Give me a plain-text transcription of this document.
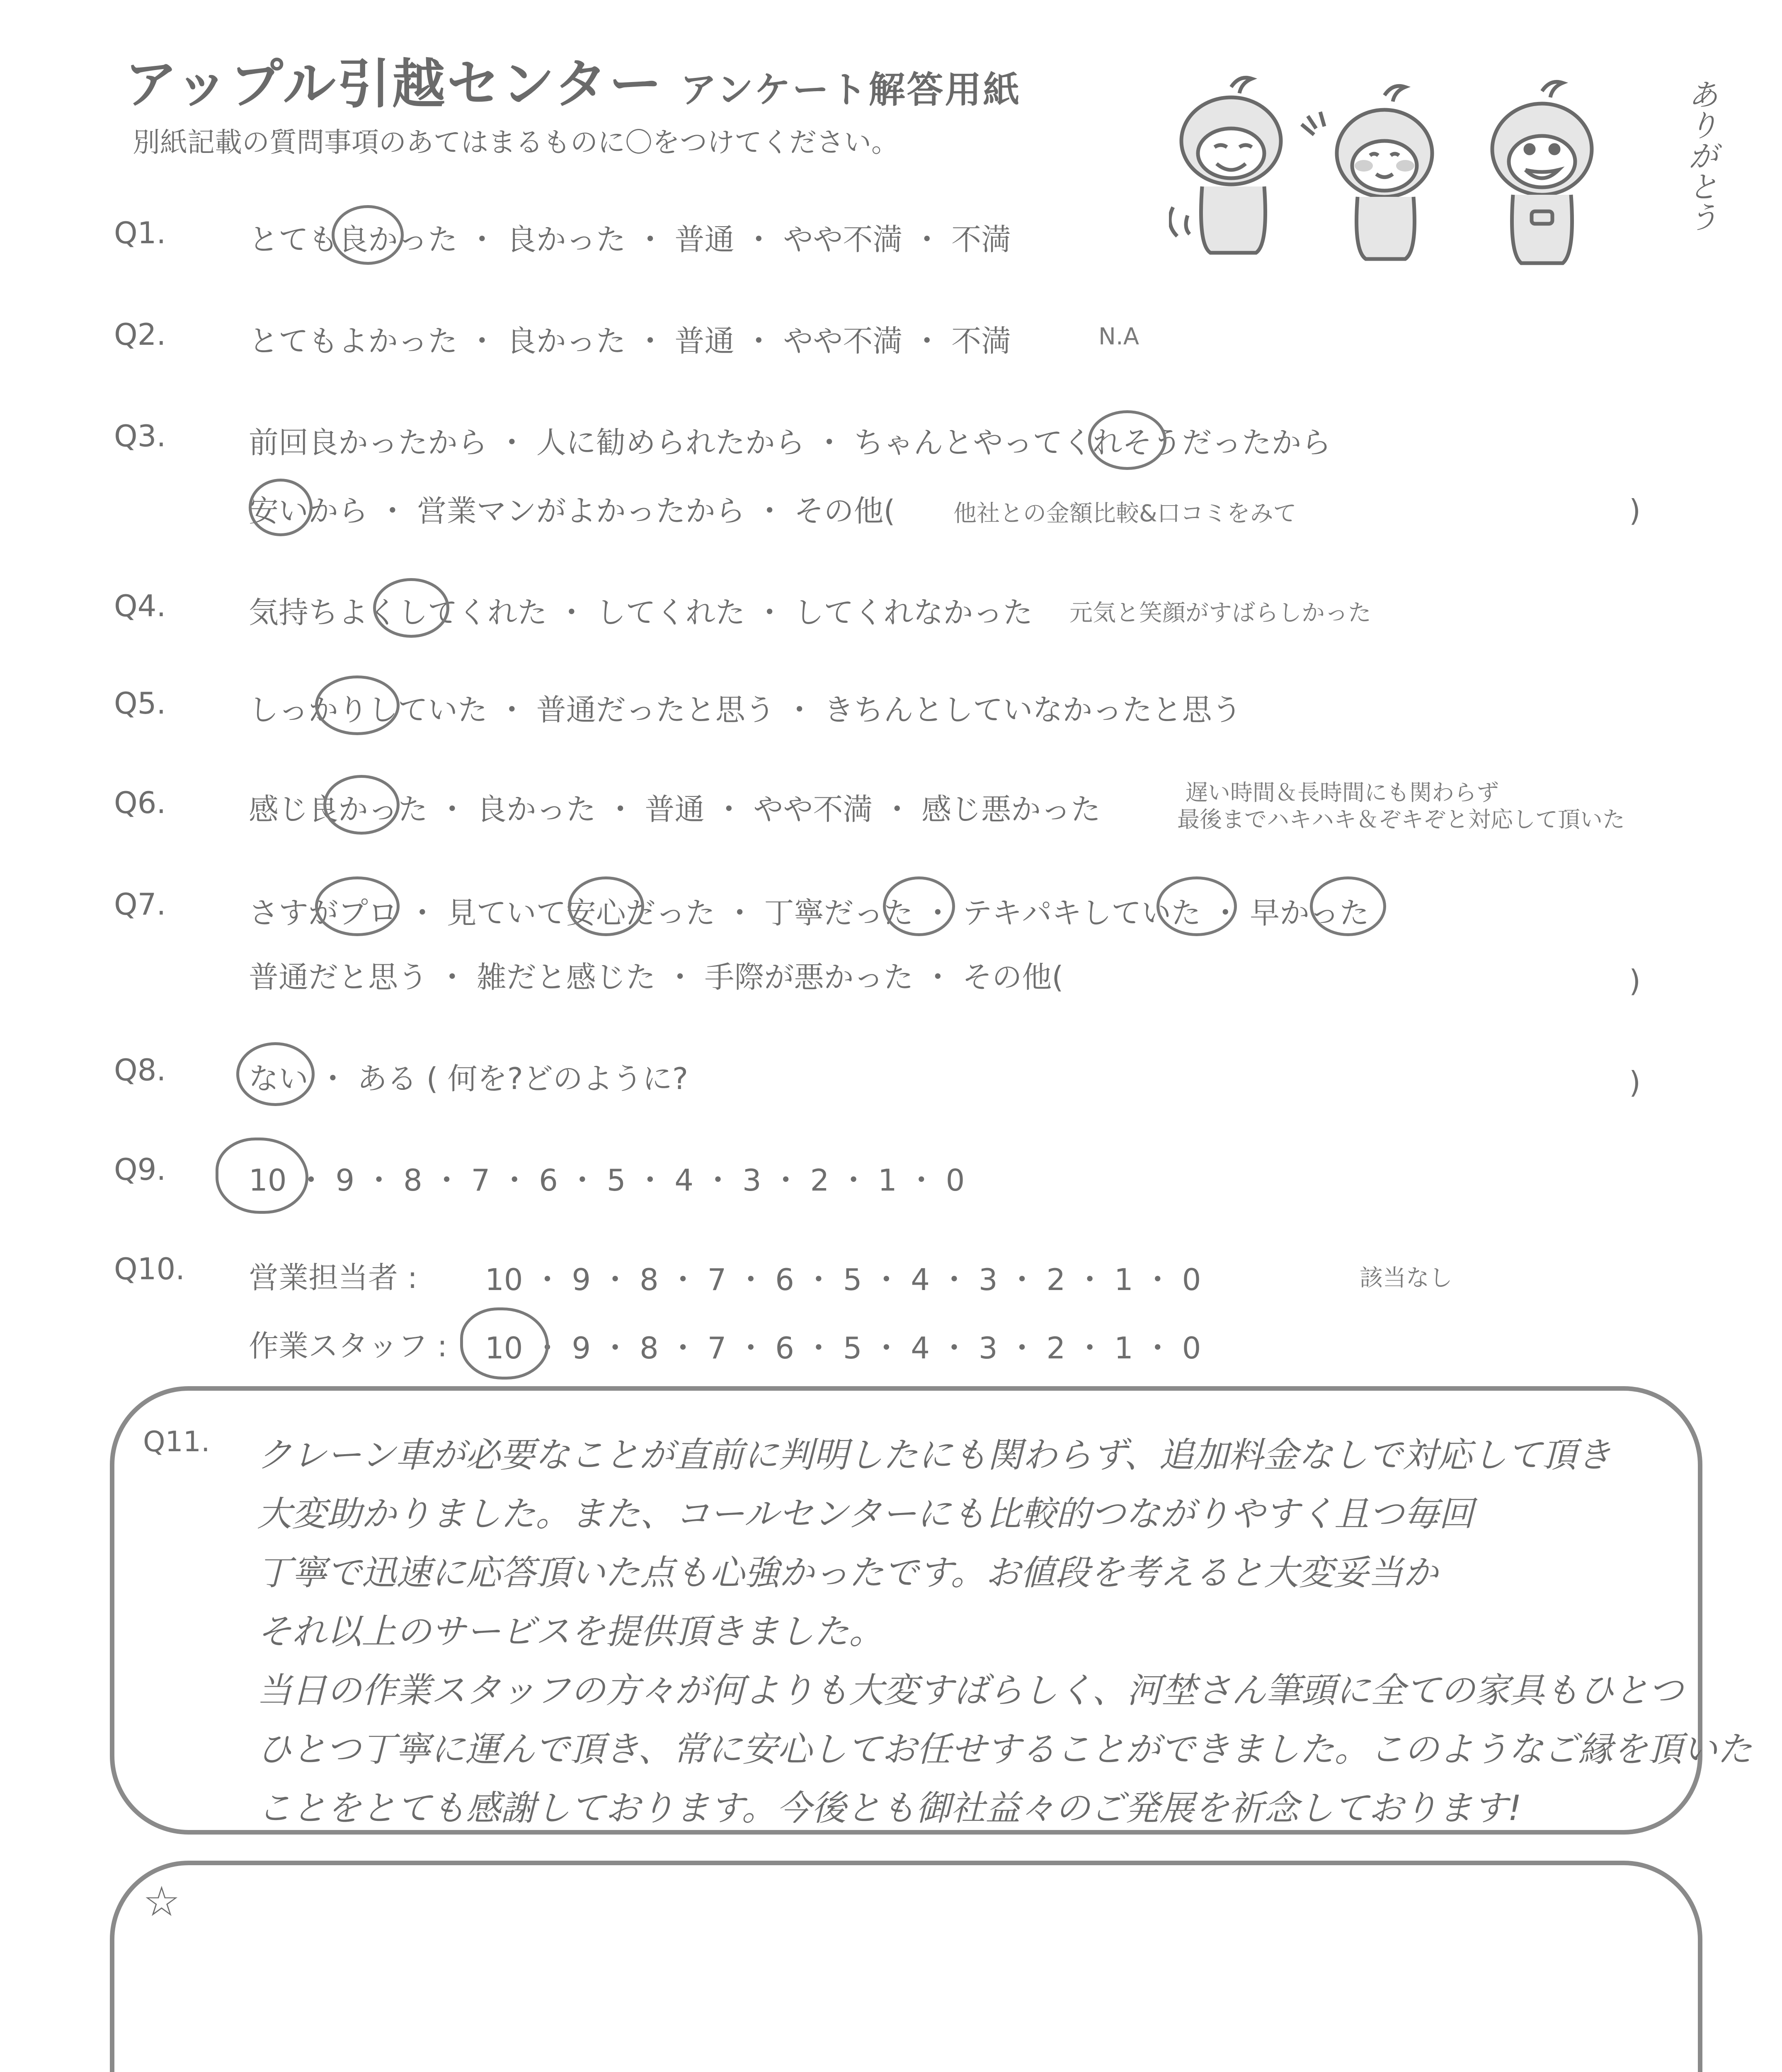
アップル引越センター アンケート解答用紙
別紙記載の質問事項のあてはまるものに〇をつけてください。	ありがとう
Q1.	とても良かった ・ 良かった ・ 普通 ・ やや不満 ・ 不満
Q2.	とてもよかった ・ 良かった ・ 普通 ・ やや不満 ・ 不満	N.A
Q3.	前回良かったから ・ 人に勧められたから ・ ちゃんとやってくれそうだったから
安いから ・ 営業マンがよかったから ・ その他(	他社との金額比較&口コミをみて	)
Q4.	気持ちよくしてくれた ・ してくれた ・ してくれなかった 元気と笑顔がすばらしかった
Q5.	しっかりしていた ・ 普通だったと思う ・ きちんとしていなかったと思う
Q6.	感じ良かった ・ 良かった ・ 普通 ・ やや不満 ・ 感じ悪かった	遅い時間＆長時間にも関わらず
最後までハキハキ＆ぞキぞと対応して頂いた
Q7.	さすがプロ ・ 見ていて安心だった ・ 丁寧だった ・ テキパキしていた ・ 早かった
普通だと思う ・ 雑だと感じた ・ 手際が悪かった ・ その他(	)
Q8.	ない ・ ある ( 何を?どのように?	)
Q9.	10 ・ 9 ・ 8 ・ 7 ・ 6 ・ 5 ・ 4 ・ 3 ・ 2 ・ 1 ・ 0
Q10. 営業担当者 : 10 ・ 9 ・ 8 ・ 7 ・ 6 ・ 5 ・ 4 ・ 3 ・ 2 ・ 1 ・ 0	該当なし
作業スタッフ : 10 ・ 9 ・ 8 ・ 7 ・ 6 ・ 5 ・ 4 ・ 3 ・ 2 ・ 1 ・ 0
Q11. クレーン車が必要なことが直前に判明したにも関わらず、追加料金なしで対応して頂き
大変助かりました。また、コールセンターにも比較的つながりやすく且つ毎回
丁寧で迅速に応答頂いた点も心強かったです。お値段を考えると大変妥当か
それ以上のサービスを提供頂きました。
当日の作業スタッフの方々が何よりも大変すばらしく、河埜さん筆頭に全ての家具もひとつ
ひとつ丁寧に運んで頂き、常に安心してお任せすることができました。このようなご縁を頂いた
ことをとても感謝しております。今後とも御社益々のご発展を祈念しております!
☆
